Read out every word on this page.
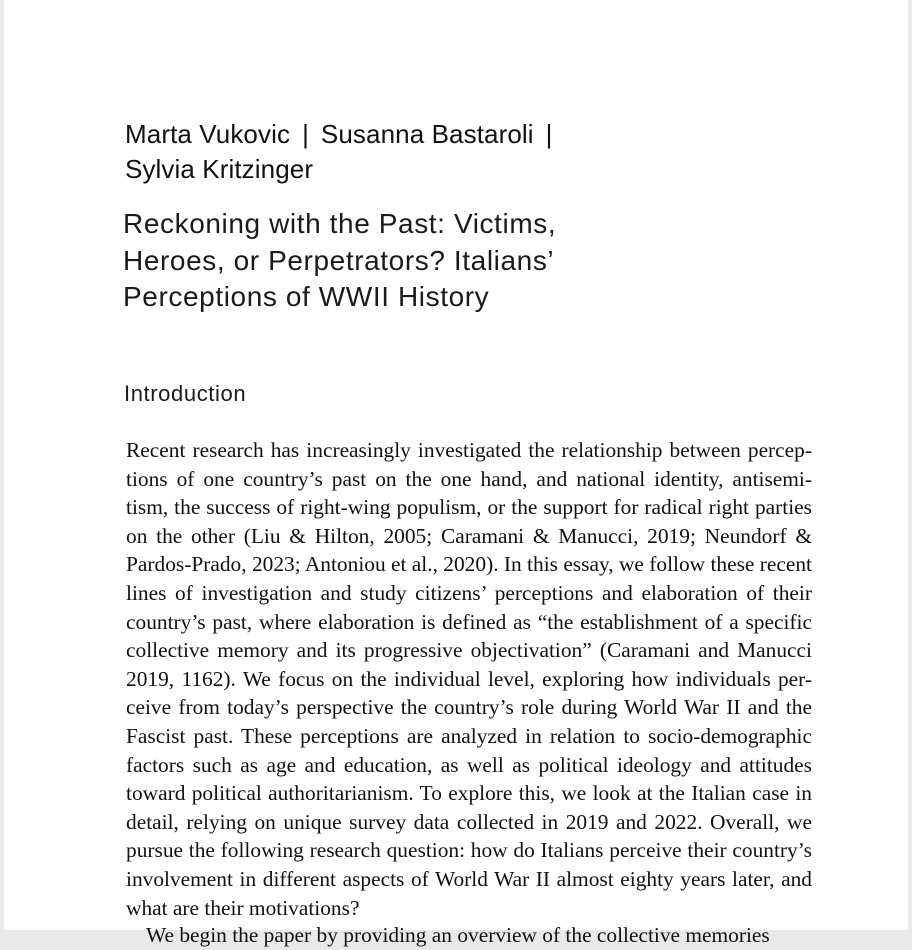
Marta Vukovic | Susanna Bastaroli |
Sylvia Kritzinger
Reckoning with the Past: Victims,
Heroes, or Perpetrators? Italians’
Perceptions of WWII History
Introduction

Recent research has increasingly investigated the relationship between percep-
tions of one country’s past on the one hand, and national identity, antisemi-
tism, the success of right-wing populism, or the support for radical right parties
on the other (Liu & Hilton, 2005; Caramani & Manucci, 2019; Neundorf &
Pardos-Prado, 2023; Antoniou et al., 2020). In this essay, we follow these recent
lines of investigation and study citizens’ perceptions and elaboration of their
country’s past, where elaboration is defined as “the establishment of a specific
collective memory and its progressive objectivation” (Caramani and Manucci
2019, 1162). We focus on the individual level, exploring how individuals per-
ceive from today’s perspective the country’s role during World War II and the
Fascist past. These perceptions are analyzed in relation to socio-demographic
factors such as age and education, as well as political ideology and attitudes
toward political authoritarianism. To explore this, we look at the Italian case in
detail, relying on unique survey data collected in 2019 and 2022. Overall, we
pursue the following research question: how do Italians perceive their country’s
involvement in different aspects of World War II almost eighty years later, and
what are their motivations?

We begin the paper by providing an overview of the collective memories
